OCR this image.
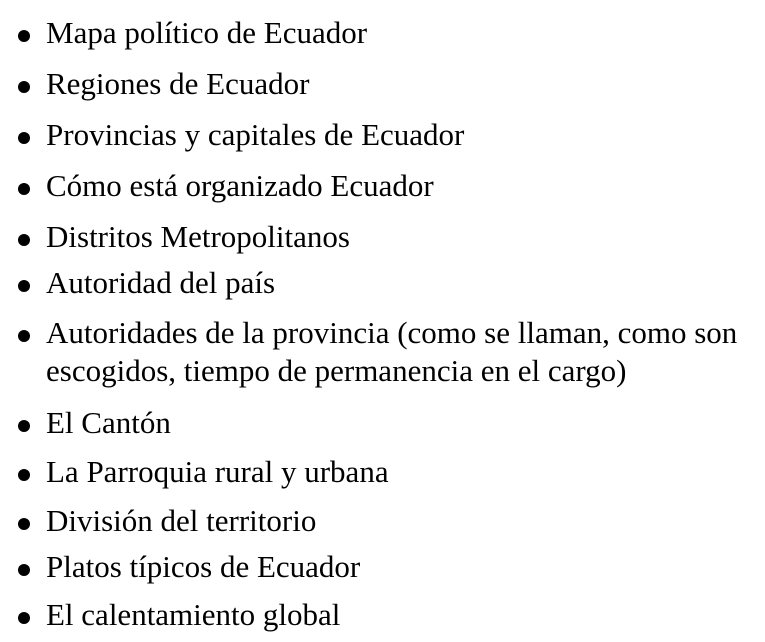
Mapa político de Ecuador
Regiones de Ecuador
Provincias y capitales de Ecuador
Cómo está organizado Ecuador
Distritos Metropolitanos
Autoridad del país
Autoridades de la provincia (como se llaman, como son escogidos, tiempo de permanencia en el cargo)
El Cantón
La Parroquia rural y urbana
División del territorio
Platos típicos de Ecuador
El calentamiento global
